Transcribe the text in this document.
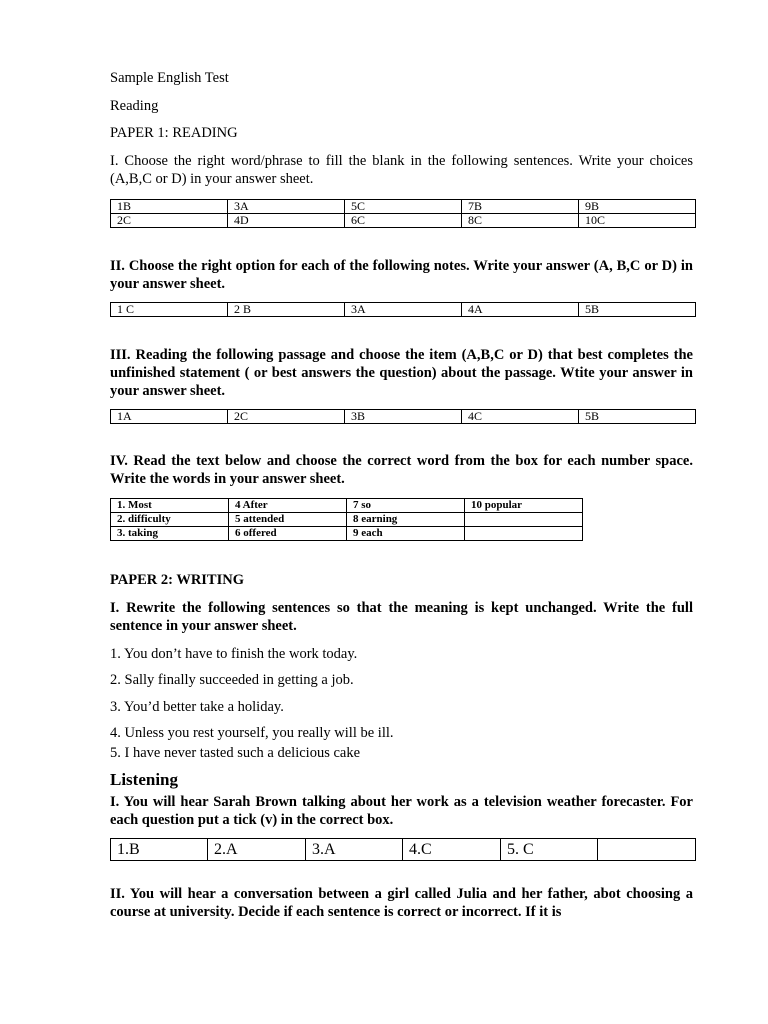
Sample English Test

Reading

PAPER 1: READING

I. Choose the right word/phrase to fill the blank in the following sentences. Write your choices (A,B,C or D) in your answer sheet.

1B	3A	5C	7B	9B
2C	4D	6C	8C	10C

II. Choose the right option for each of the following notes. Write your answer (A, B,C or D) in your answer sheet.

1 C	2 B	3A	4A	5B

III. Reading the following passage and choose the item (A,B,C or D) that best completes the unfinished statement ( or best answers the question) about the passage. Wtite your answer in your answer sheet.

1A	2C	3B	4C	5B

IV. Read the text below and choose the correct word from the box for each number space. Write the words in your answer sheet.

1. Most	4 After	7 so	10 popular
2. difficulty	5 attended	8 earning	
3. taking	6 offered	9 each	

PAPER 2: WRITING

I. Rewrite the following sentences so that the meaning is kept unchanged. Write the full sentence in your answer sheet.

1. You don’t have to finish the work today.

2. Sally finally succeeded in getting a job.

3. You’d better take a holiday.

4. Unless you rest yourself, you really will be ill.

5. I have never tasted such a delicious cake

Listening

I. You will hear Sarah Brown talking about her work as a television weather forecaster. For each question put a tick (v) in the correct box.

1.B	2.A	3.A	4.C	5. C	

II. You will hear a conversation between a girl called Julia and her father, abot choosing a course at university. Decide if each sentence is correct or incorrect. If it is
